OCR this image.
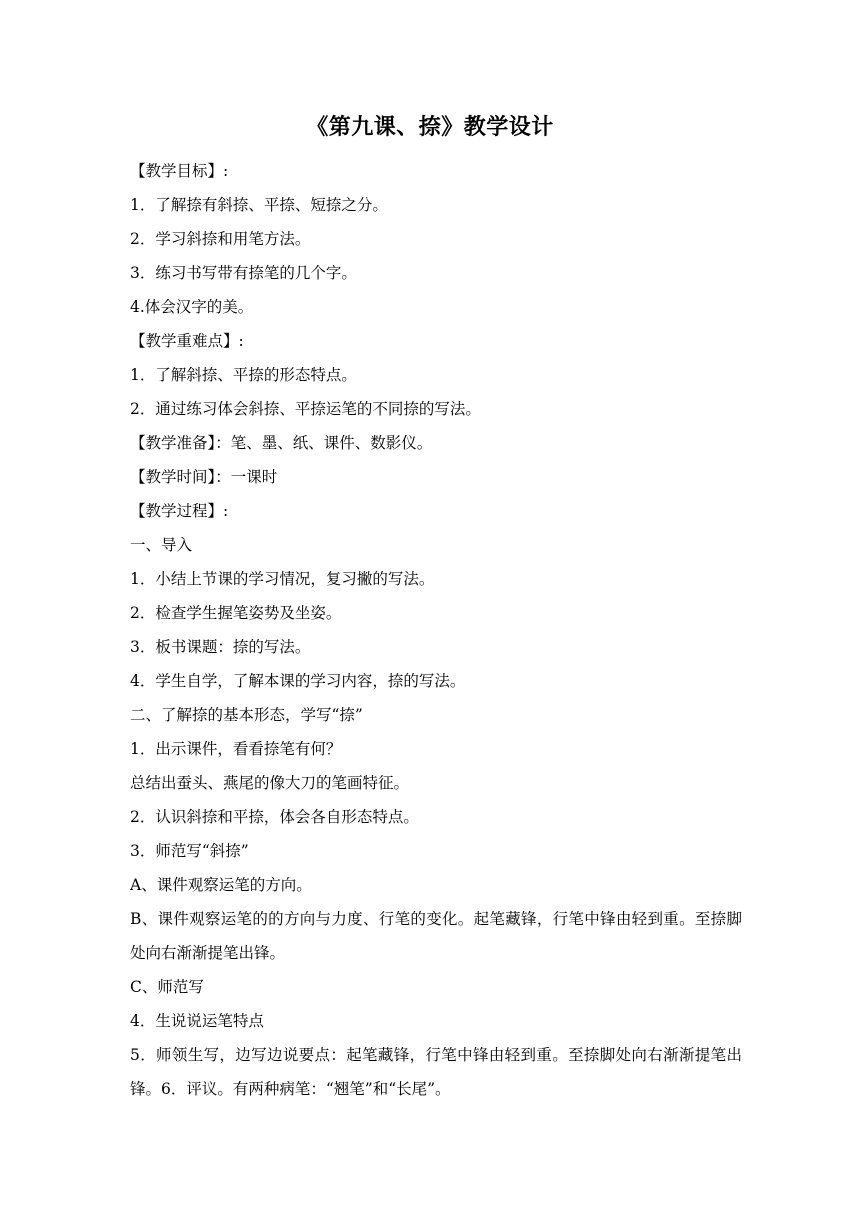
《第九课、捺》教学设计
【教学目标】:
1．了解捺有斜捺、平捺、短捺之分。
2．学习斜捺和用笔方法。
3．练习书写带有捺笔的几个字。
4.体会汉字的美。
【教学重难点】:
1．了解斜捺、平捺的形态特点。
2．通过练习体会斜捺、平捺运笔的不同捺的写法。
【教学准备】：笔、墨、纸、课件、数影仪。
【教学时间】：一课时
【教学过程】:
一、导入
1．小结上节课的学习情况，复习撇的写法。
2．检查学生握笔姿势及坐姿。
3．板书课题：捺的写法。
4．学生自学，了解本课的学习内容，捺的写法。
二、了解捺的基本形态，学写“捺”
1．出示课件，看看捺笔有何？
总结出蚕头、燕尾的像大刀的笔画特征。
2．认识斜捺和平捺，体会各自形态特点。
3．师范写“斜捺”
A、课件观察运笔的方向。
B、课件观察运笔的的方向与力度、行笔的变化。起笔藏锋，行笔中锋由轻到重。至捺脚处向右渐渐提笔出锋。
C、师范写
4．生说说运笔特点
5．师领生写，边写边说要点：起笔藏锋，行笔中锋由轻到重。至捺脚处向右渐渐提笔出锋。6．评议。有两种病笔：“翘笔”和“长尾”。
